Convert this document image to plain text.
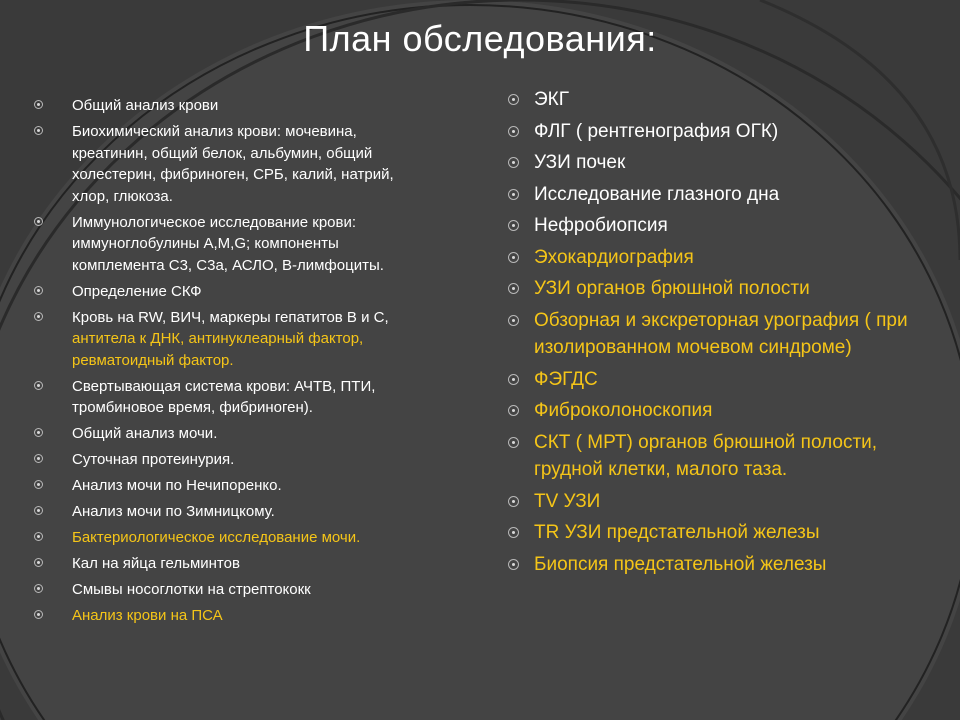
План обследования:
Общий анализ крови
Биохимический анализ крови: мочевина, креатинин, общий белок, альбумин, общий холестерин, фибриноген, СРБ, калий, натрий, хлор, глюкоза.
Иммунологическое исследование крови: иммуноглобулины A,M,G; компоненты комплемента С3, С3а, АСЛО, В-лимфоциты.
Определение СКФ
Кровь на RW, ВИЧ, маркеры гепатитов В и С, антитела к ДНК, антинуклеарный фактор, ревматоидный фактор.
Свертывающая система крови: АЧТВ, ПТИ, тромбиновое время, фибриноген).
Общий анализ мочи.
Суточная протеинурия.
Анализ мочи по Нечипоренко.
Анализ мочи по Зимницкому.
Бактериологическое исследование мочи.
Кал на яйца гельминтов
Смывы носоглотки на стрептококк
Анализ крови на ПСА
ЭКГ
ФЛГ ( рентгенография ОГК)
УЗИ почек
Исследование глазного дна
Нефробиопсия
Эхокардиография
УЗИ органов брюшной полости
Обзорная и экскреторная урография ( при изолированном мочевом синдроме)
ФЭГДС
Фиброколоноскопия
СКТ ( МРТ) органов брюшной полости, грудной клетки, малого таза.
TV УЗИ
TR УЗИ предстательной железы
Биопсия предстательной железы
